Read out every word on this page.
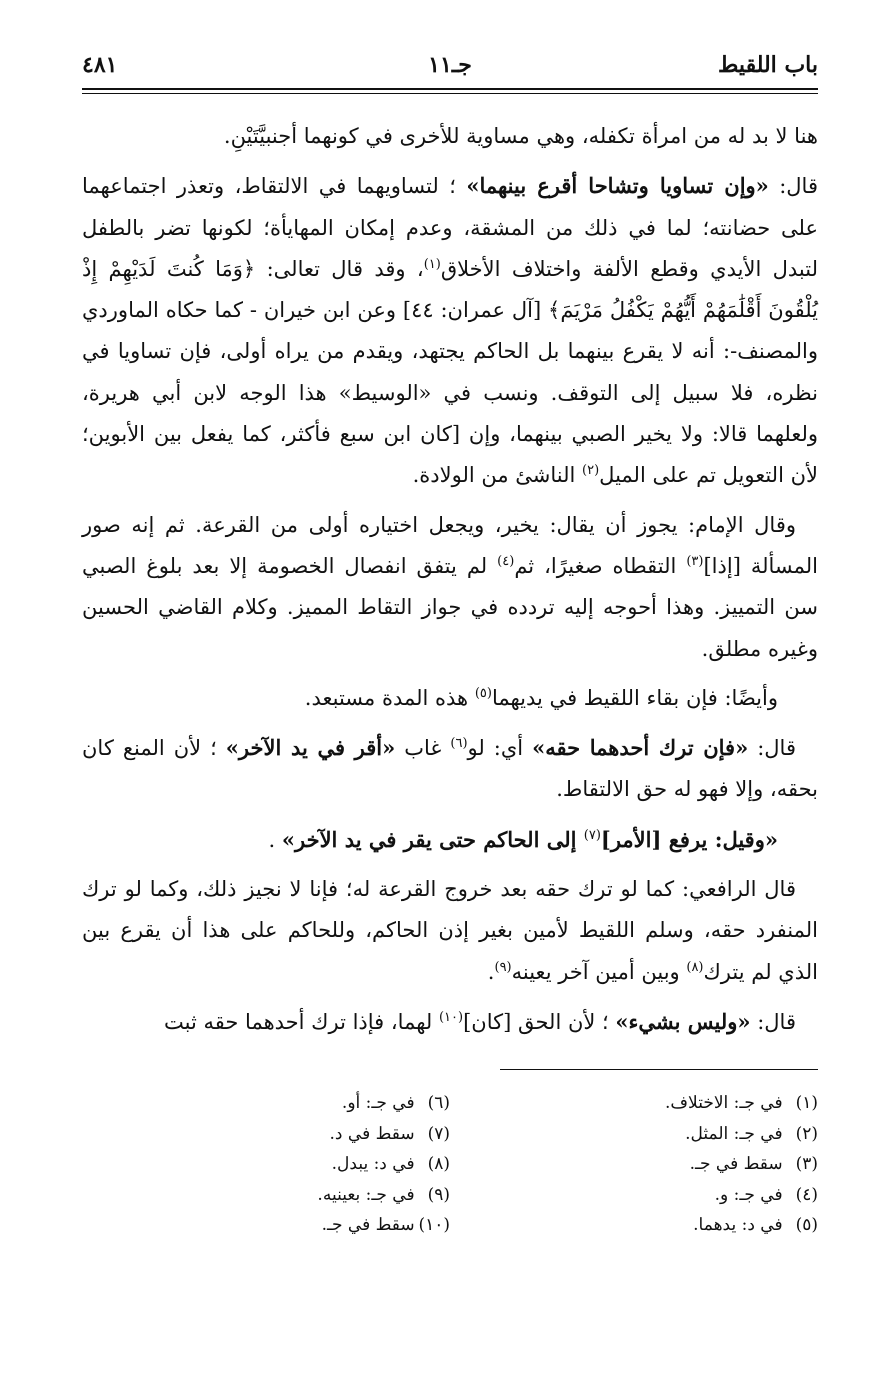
باب اللقيط
جـ١١
٤٨١

هنا لا بد له من امرأة تكفله، وهي مساوية للأخرى في كونهما أجنبيَّتَيْنِ.

قال: «وإن تساويا وتشاحا أقرع بينهما» ؛ لتساويهما في الالتقاط، وتعذر اجتماعهما على حضانته؛ لما في ذلك من المشقة، وعدم إمكان المهايأة؛ لكونها تضر بالطفل لتبدل الأيدي وقطع الألفة واختلاف الأخلاق$^{(١)}$، وقد قال تعالى: ﴿وَمَا كُنتَ لَدَيْهِمْ إِذْ يُلْقُونَ أَقْلَٰمَهُمْ أَيُّهُمْ يَكْفُلُ مَرْيَمَ﴾ [آل عمران: ٤٤] وعن ابن خيران - كما حكاه الماوردي والمصنف-: أنه لا يقرع بينهما بل الحاكم يجتهد، ويقدم من يراه أولى، فإن تساويا في نظره، فلا سبيل إلى التوقف. ونسب في «الوسيط» هذا الوجه لابن أبي هريرة، ولعلهما قالا: ولا يخير الصبي بينهما، وإن [كان ابن سبع فأكثر، كما يفعل بين الأبوين؛ لأن التعويل تم على الميل$^{(٢)}$ الناشئ من الولادة.

وقال الإمام: يجوز أن يقال: يخير، ويجعل اختياره أولى من القرعة. ثم إنه صور المسألة [إذا]$^{(٣)}$ التقطاه صغيرًا، ثم$^{(٤)}$ لم يتفق انفصال الخصومة إلا بعد بلوغ الصبي سن التمييز. وهذا أحوجه إليه تردده في جواز التقاط المميز. وكلام القاضي الحسين وغيره مطلق.

وأيضًا: فإن بقاء اللقيط في يديهما$^{(٥)}$ هذه المدة مستبعد.

قال: «فإن ترك أحدهما حقه» أي: لو$^{(٦)}$ غاب «أقر في يد الآخر» ؛ لأن المنع كان بحقه، وإلا فهو له حق الالتقاط.

«وقيل: يرفع [الأمر]$^{(٧)}$ إلى الحاكم حتى يقر في يد الآخر» .

قال الرافعي: كما لو ترك حقه بعد خروج القرعة له؛ فإنا لا نجيز ذلك، وكما لو ترك المنفرد حقه، وسلم اللقيط لأمين بغير إذن الحاكم، وللحاكم على هذا أن يقرع بين الذي لم يترك$^{(٨)}$ وبين أمين آخر يعينه$^{(٩)}$.

قال: «وليس بشيء» ؛ لأن الحق [كان]$^{(١٠)}$ لهما، فإذا ترك أحدهما حقه ثبت

(١) في جـ: الاختلاف.
(٢) في جـ: المثل.
(٣) سقط في جـ.
(٤) في جـ: و.
(٥) في د: يدهما.
(٦) في جـ: أو.
(٧) سقط في د.
(٨) في د: يبدل.
(٩) في جـ: بعينيه.
(١٠) سقط في جـ.
